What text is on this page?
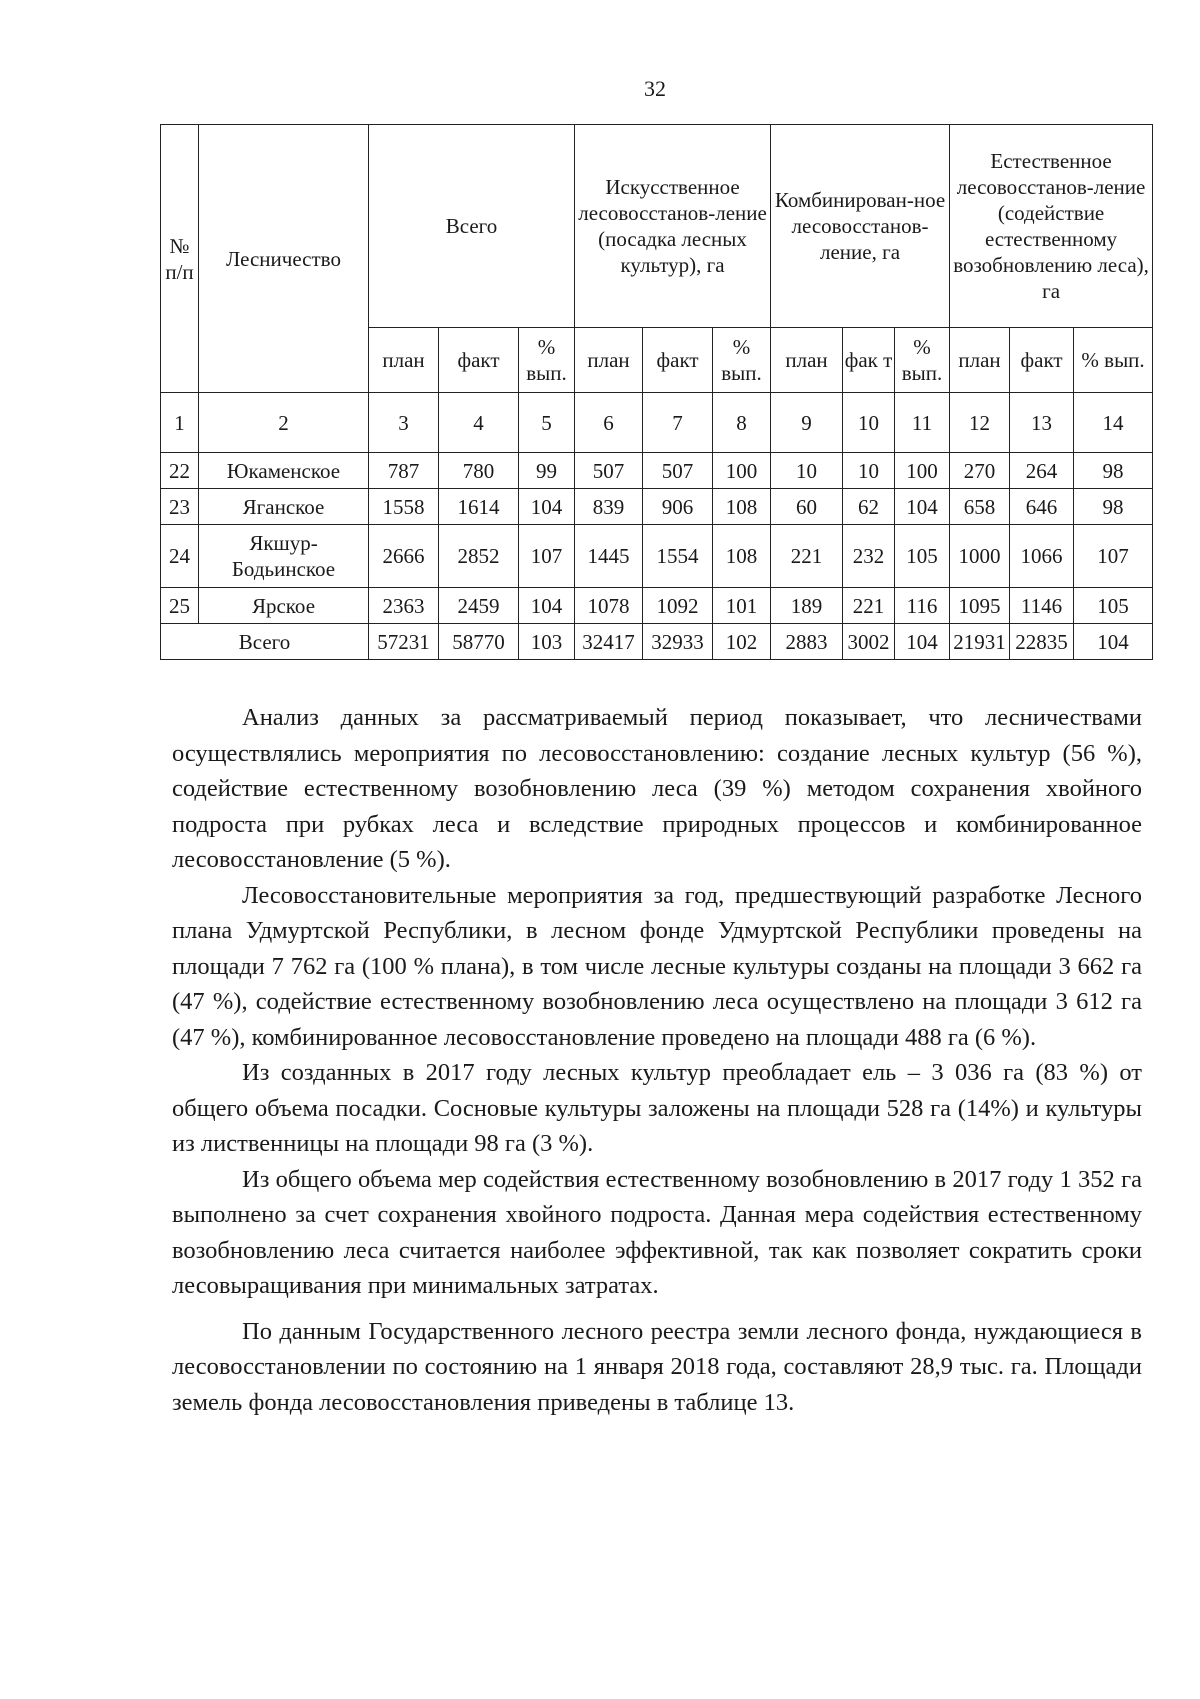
32
№ п/п	Лесничество	Всего			Искусственное лесовосстанов-ление (посадка лесных культур), га			Комбинирован-ное лесовосстанов-ление, га			Естественное лесовосстанов-ление (содействие естественному возобновлению леса), га		
		план	факт	% вып.	план	факт	% вып.	план	фак т	% вып.	план	факт	% вып.
1	2	3	4	5	6	7	8	9	10	11	12	13	14
22	Юкаменское	787	780	99	507	507	100	10	10	100	270	264	98
23	Яганское	1558	1614	104	839	906	108	60	62	104	658	646	98
24	Якшур-Бодьинское	2666	2852	107	1445	1554	108	221	232	105	1000	1066	107
25	Ярское	2363	2459	104	1078	1092	101	189	221	116	1095	1146	105
Всего		57231	58770	103	32417	32933	102	2883	3002	104	21931	22835	104

Анализ данных за рассматриваемый период показывает, что лесничествами осуществлялись мероприятия по лесовосстановлению: создание лесных культур (56 %), содействие естественному возобновлению леса (39 %) методом сохранения хвойного подроста при рубках леса и вследствие природных процессов и комбинированное лесовосстановление (5 %).

Лесовосстановительные мероприятия за год, предшествующий разработке Лесного плана Удмуртской Республики, в лесном фонде Удмуртской Республики проведены на площади 7 762 га (100 % плана), в том числе лесные культуры созданы на площади 3 662 га (47 %), содействие естественному возобновлению леса осуществлено на площади 3 612 га (47 %), комбинированное лесовосстановление проведено на площади 488 га (6 %).

Из созданных в 2017 году лесных культур преобладает ель – 3 036 га (83 %) от общего объема посадки. Сосновые культуры заложены на площади 528 га (14%) и культуры из лиственницы на площади 98 га (3 %).

Из общего объема мер содействия естественному возобновлению в 2017 году 1 352 га выполнено за счет сохранения хвойного подроста. Данная мера содействия естественному возобновлению леса считается наиболее эффективной, так как позволяет сократить сроки лесовыращивания при минимальных затратах.

По данным Государственного лесного реестра земли лесного фонда, нуждающиеся в лесовосстановлении по состоянию на 1 января 2018 года, составляют 28,9 тыс. га. Площади земель фонда лесовосстановления приведены в таблице 13.
